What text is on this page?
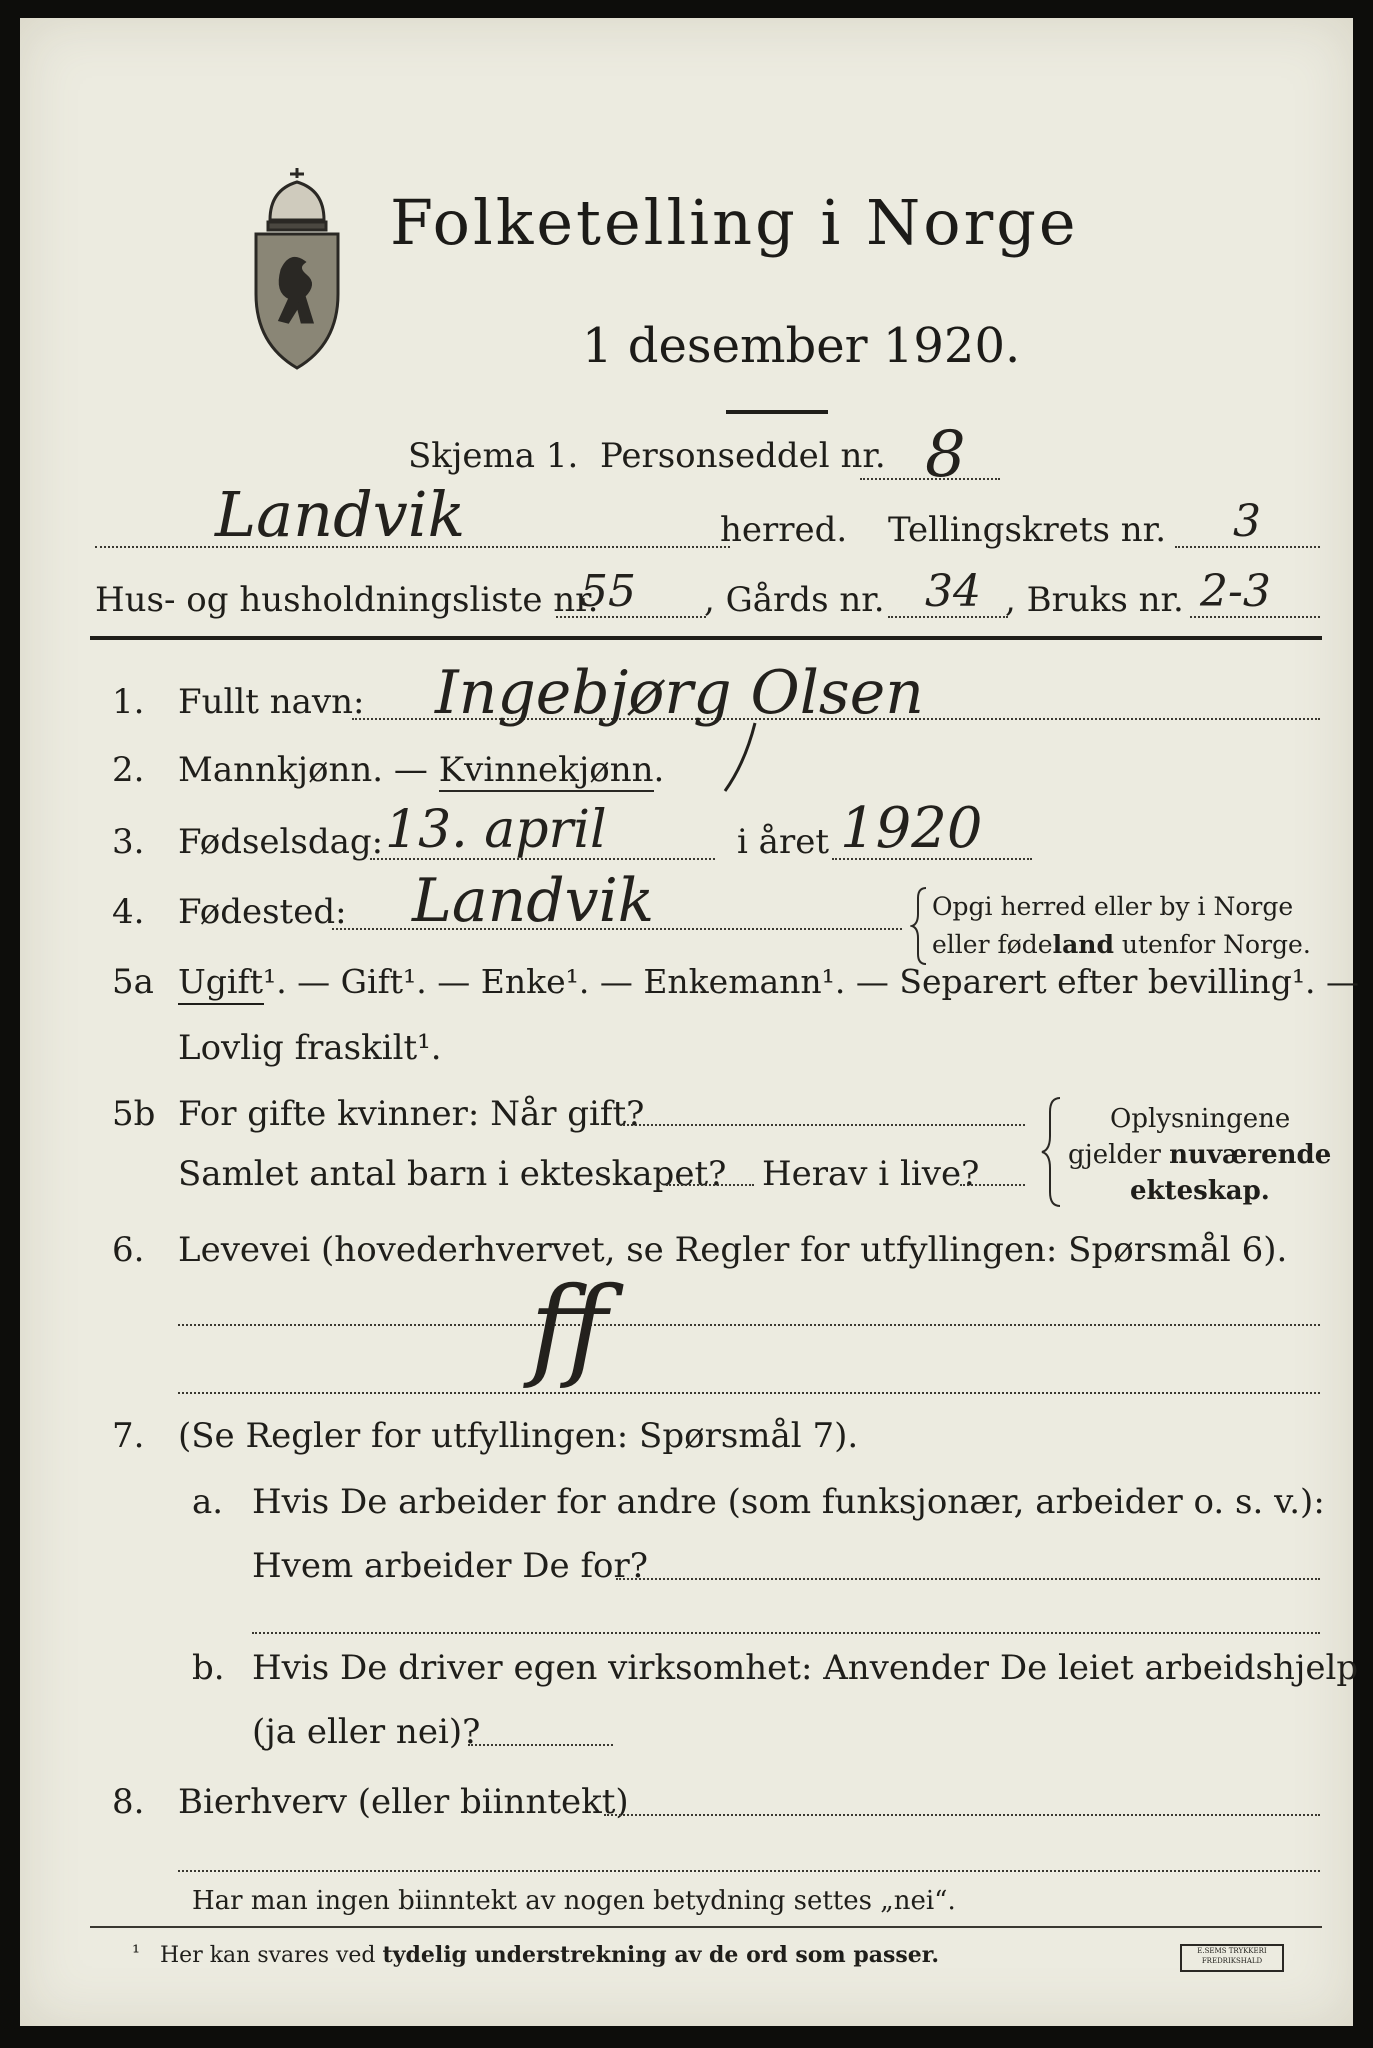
Folketelling i Norge
1 desember 1920.
Skjema 1. Personseddel nr. 8
Landvik	herred. Tellingskrets nr. 3
Hus- og husholdningsliste nr.
55 , Gårds nr. 34 , Bruks nr. 2-3
1. Fullt navn: Ingebjørg Olsen
2. Mannkjønn. — Kvinnekjønn.
3. Fødselsdag: 13. april	i året 1920
4. Fødested: Landvik	Opgi herred eller by i Norge
eller fødeland utenfor Norge.
5a Ugift¹. — Gift¹. — Enke¹. — Enkemann¹. — Separert efter bevilling¹. —
Lovlig fraskilt¹.
5b For gifte kvinner: Når gift?
Samlet antal barn i ekteskapet? Herav i live?
Oplysningene
gjelder nuværende
ekteskap.
6. Levevei (hovederhvervet, se Regler for utfyllingen: Spørsmål 6).
ff
7. (Se Regler for utfyllingen: Spørsmål 7).
a. Hvis De arbeider for andre (som funksjonær, arbeider o. s. v.):
Hvem arbeider De for?
b. Hvis De driver egen virksomhet: Anvender De leiet arbeidshjelp
(ja eller nei)?
8. Bierhverv (eller biinntekt)
Har man ingen biinntekt av nogen betydning settes „nei“.
¹ Her kan svares ved tydelig understrekning av de ord som passer.	E.SEMS TRYKKERI FREDRIKSHALD
